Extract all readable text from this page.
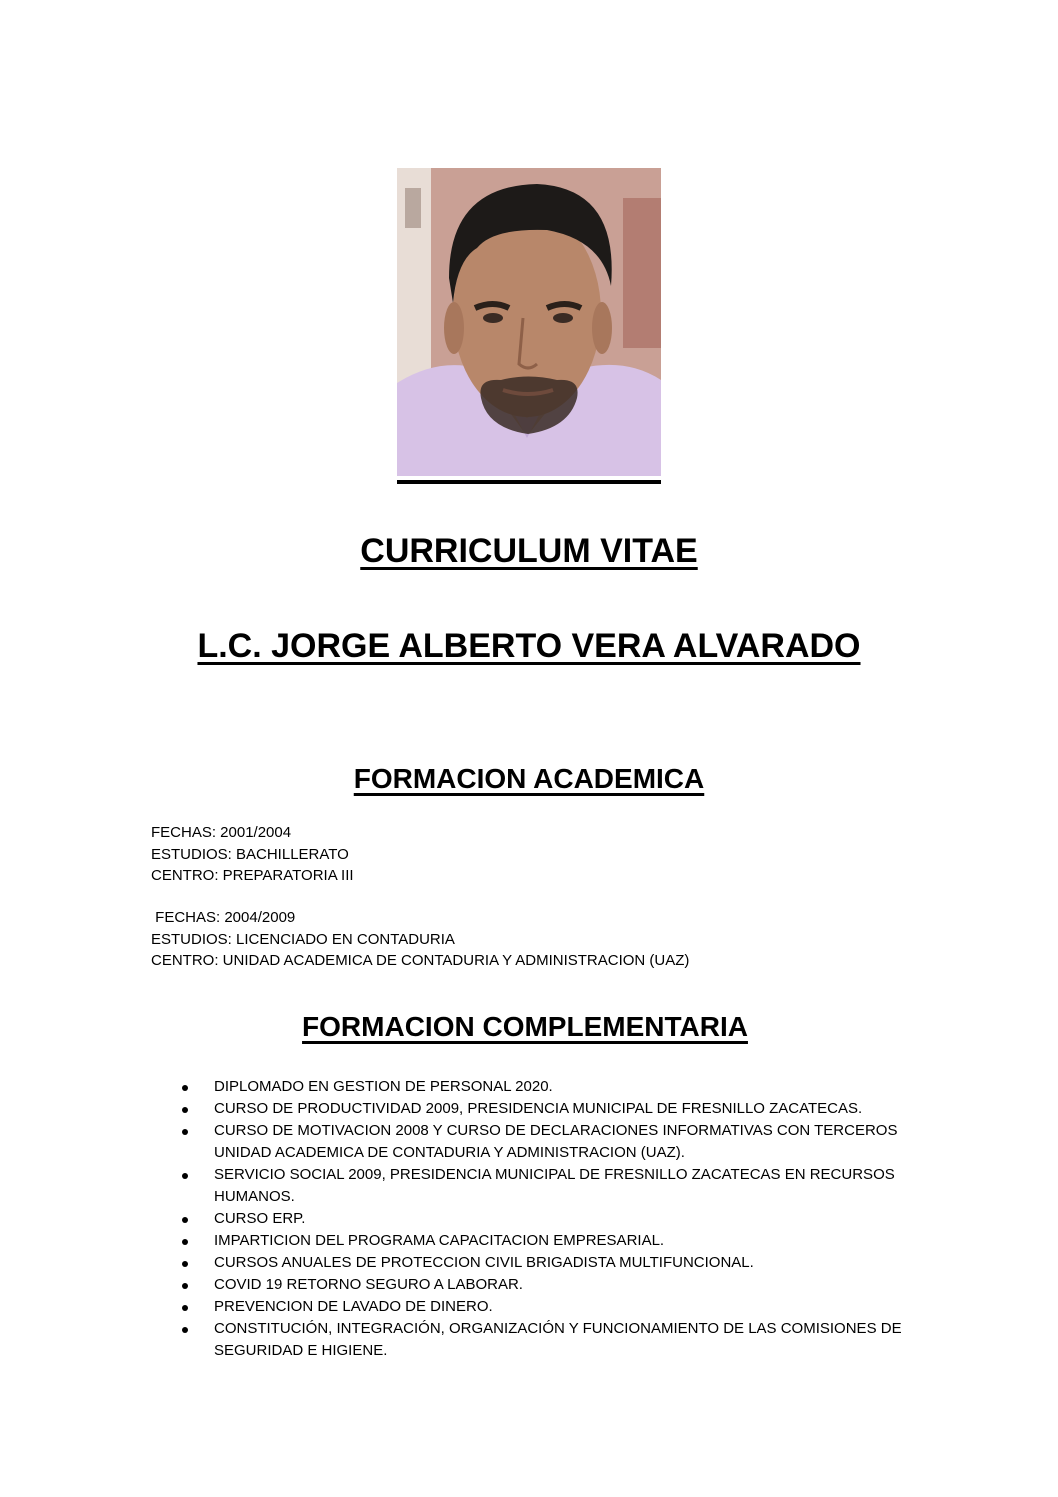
CURRICULUM VITAE
L.C. JORGE ALBERTO VERA ALVARADO
FORMACION ACADEMICA
FECHAS: 2001/2004
ESTUDIOS: BACHILLERATO
CENTRO: PREPARATORIA III
FECHAS: 2004/2009
ESTUDIOS: LICENCIADO EN CONTADURIA
CENTRO: UNIDAD ACADEMICA DE CONTADURIA Y ADMINISTRACION (UAZ)
FORMACION COMPLEMENTARIA
DIPLOMADO EN GESTION DE PERSONAL 2020.
CURSO DE PRODUCTIVIDAD 2009, PRESIDENCIA MUNICIPAL DE FRESNILLO ZACATECAS.
CURSO DE MOTIVACION 2008 Y CURSO DE DECLARACIONES INFORMATIVAS CON TERCEROS UNIDAD ACADEMICA DE CONTADURIA Y ADMINISTRACION (UAZ).
SERVICIO SOCIAL 2009, PRESIDENCIA MUNICIPAL DE FRESNILLO ZACATECAS EN RECURSOS HUMANOS.
CURSO ERP.
IMPARTICION DEL PROGRAMA CAPACITACION EMPRESARIAL.
CURSOS ANUALES DE PROTECCION CIVIL BRIGADISTA MULTIFUNCIONAL.
COVID 19 RETORNO SEGURO A LABORAR.
PREVENCION DE LAVADO DE DINERO.
CONSTITUCIÓN, INTEGRACIÓN, ORGANIZACIÓN Y FUNCIONAMIENTO DE LAS COMISIONES DE SEGURIDAD E HIGIENE.
